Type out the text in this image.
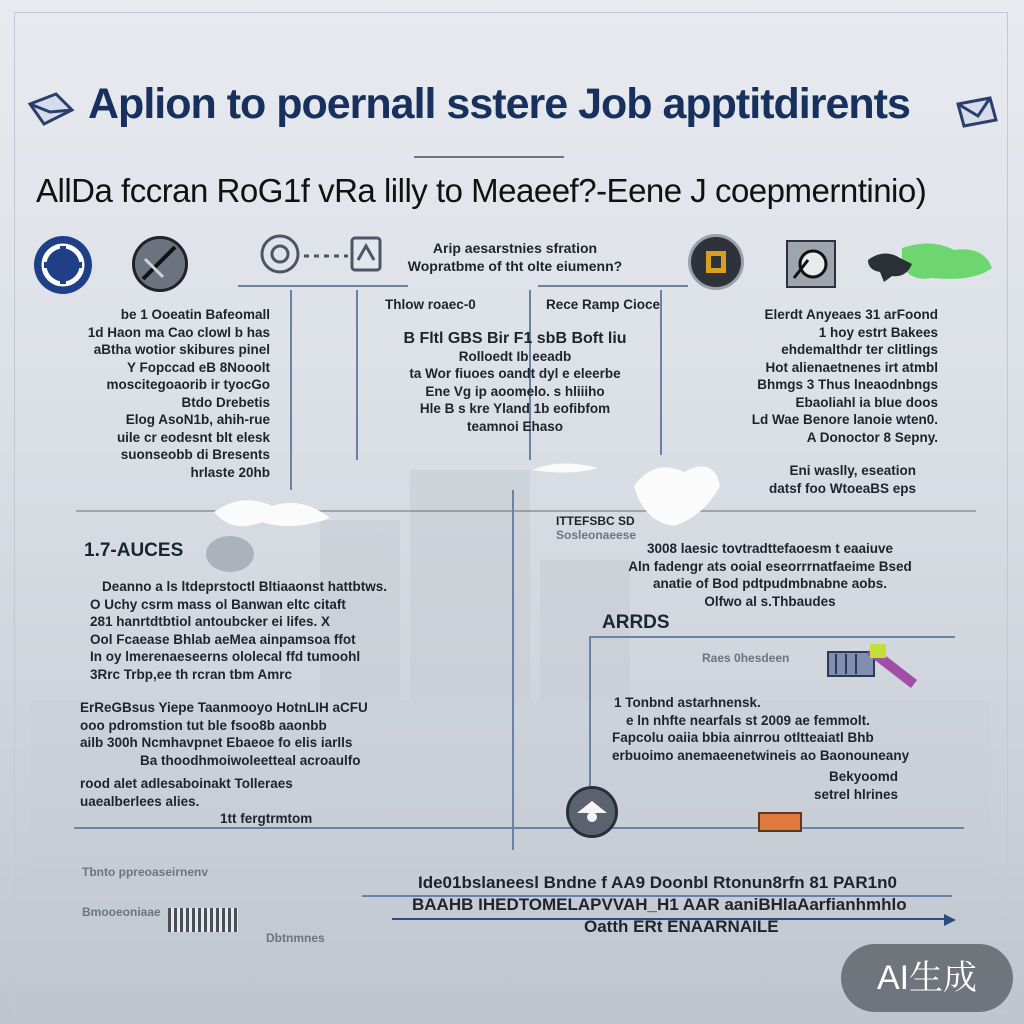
Aplion to poernall sstere Job apptitdirents
AllDa fccran RoG1f vRa lilly to Meaeef?-Eene J coepmerntinio)
Arip aesarstnies sfration
Wopratbme of tht olte eiumenn?
Thlow roaec-0	Rece Ramp Cioce
B Fltl GBS Bir F1 sbB Boft liu
Rolloedt Ib eeadb
ta Wor fiuoes oandt dyl e eleerbe
Ene Vg ip aoomelo. s hliiiho
Hle B s kre Yland 1b eofibfom
teamnoi Ehaso
be 1 Ooeatin Bafeomall
1d Haon ma Cao clowl b has
aBtha wotior skibures pinel
Y Fopccad eB 8Nooolt
moscitegoaorib ir tyocGo
Btdo Drebetis
Elog AsoN1b, ahih-rue
uile cr eodesnt blt elesk
suonseobb di Bresents
hrlaste 20hb
Elerdt Anyeaes 31 arFoond
1 hoy estrt Bakees
ehdemalthdr ter clitlings
Hot alienaetnenes irt atmbl
Bhmgs 3 Thus lneaodnbngs
Ebaoliahl ia blue doos
Ld Wae Benore lanoie wten0.
A Donoctor 8 Sepny.
Eni waslly, eseation
datsf foo WtoeaBS eps
1.7-AUCES
Deanno a ls ltdeprstoctl Bltiaaonst hattbtws.
O Uchy csrm mass ol Banwan eltc citaft
281 hanrtdtbtiol antoubcker ei lifes. X
Ool Fcaease Bhlab aeMea ainpamsoa ffot
In oy lmerenaeseerns ololecal ffd tumoohl
3Rrc Trbp,ee th rcran tbm Amrc
ErReGBsus Yiepe Taanmooyo HotnLIH aCFU
ooo pdromstion tut ble fsoo8b aaonbb
ailb 300h Ncmhavpnet Ebaeoe fo elis iarlls
Ba thoodhmoiwoleetteal acroaulfo
rood alet adlesaboinakt Tolleraes
uaealberlees alies.
1tt fergtrmtom
ITTEFSBC SD
Sosleonaeese
3008 laesic tovtradttefaoesm t eaaiuve
Aln fadengr ats ooial eseorrrnatfaeime Bsed
anatie of Bod pdtpudmbnabne aobs.
Olfwo al s.Thbaudes
ARRDS
Raes 0hesdeen
1 Tonbnd astarhnensk.
e ln nhfte nearfals st 2009 ae femmolt.
Fapcolu oaiia bbia ainrrou otltteaiatl Bhb
erbuoimo anemaeenetwineis ao Baonouneany
Bekyoomd
setrel hlrines
Ide01bslaneesl Bndne f AA9 Doonbl Rtonun8rfn 81 PAR1n0
BAAHB IHEDTOMELAPVVAH_H1 AAR aaniBHlaAarfianhmhlo
Oatth ERt ENAARNAILE
Tbnto ppreoaseirnenv
Bmooeoniaae
Dbtnmnes
AI生成
